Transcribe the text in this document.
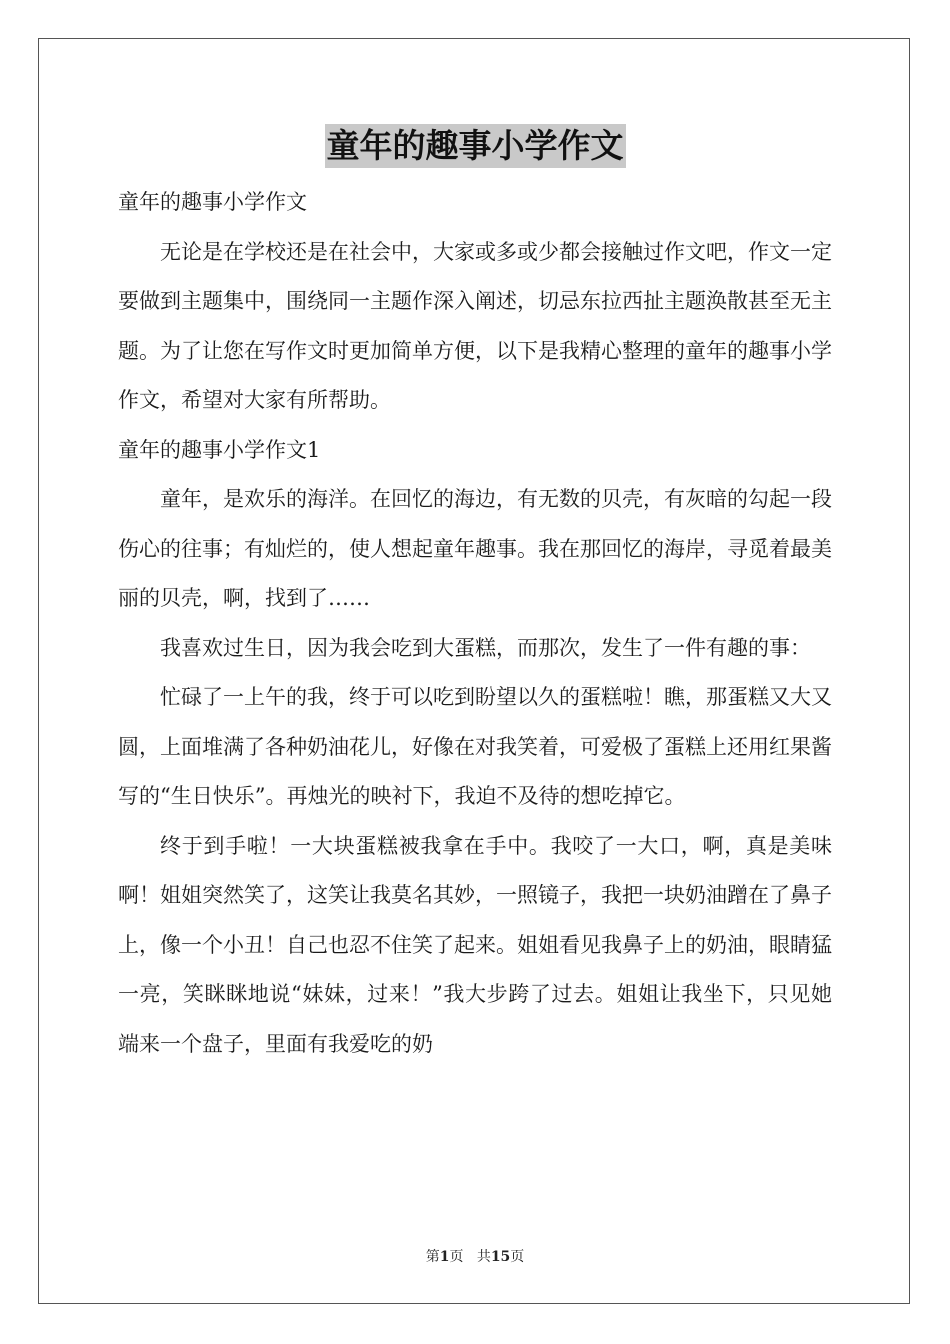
童年的趣事小学作文

童年的趣事小学作文

无论是在学校还是在社会中，大家或多或少都会接触过作文吧，作文一定要做到主题集中，围绕同一主题作深入阐述，切忌东拉西扯主题涣散甚至无主题。为了让您在写作文时更加简单方便，以下是我精心整理的童年的趣事小学作文，希望对大家有所帮助。

童年的趣事小学作文1

童年，是欢乐的海洋。在回忆的海边，有无数的贝壳，有灰暗的勾起一段伤心的往事；有灿烂的，使人想起童年趣事。我在那回忆的海岸，寻觅着最美丽的贝壳，啊，找到了……

我喜欢过生日，因为我会吃到大蛋糕，而那次，发生了一件有趣的事：

忙碌了一上午的我，终于可以吃到盼望以久的蛋糕啦！瞧，那蛋糕又大又圆，上面堆满了各种奶油花儿，好像在对我笑着，可爱极了蛋糕上还用红果酱写的“生日快乐”。再烛光的映衬下，我迫不及待的想吃掉它。

终于到手啦！一大块蛋糕被我拿在手中。我咬了一大口，啊，真是美味啊！姐姐突然笑了，这笑让我莫名其妙，一照镜子，我把一块奶油蹭在了鼻子上，像一个小丑！自己也忍不住笑了起来。姐姐看见我鼻子上的奶油，眼睛猛一亮，笑眯眯地说“妹妹，过来！”我大步跨了过去。姐姐让我坐下，只见她端来一个盘子，里面有我爱吃的奶

第1页 共15页
